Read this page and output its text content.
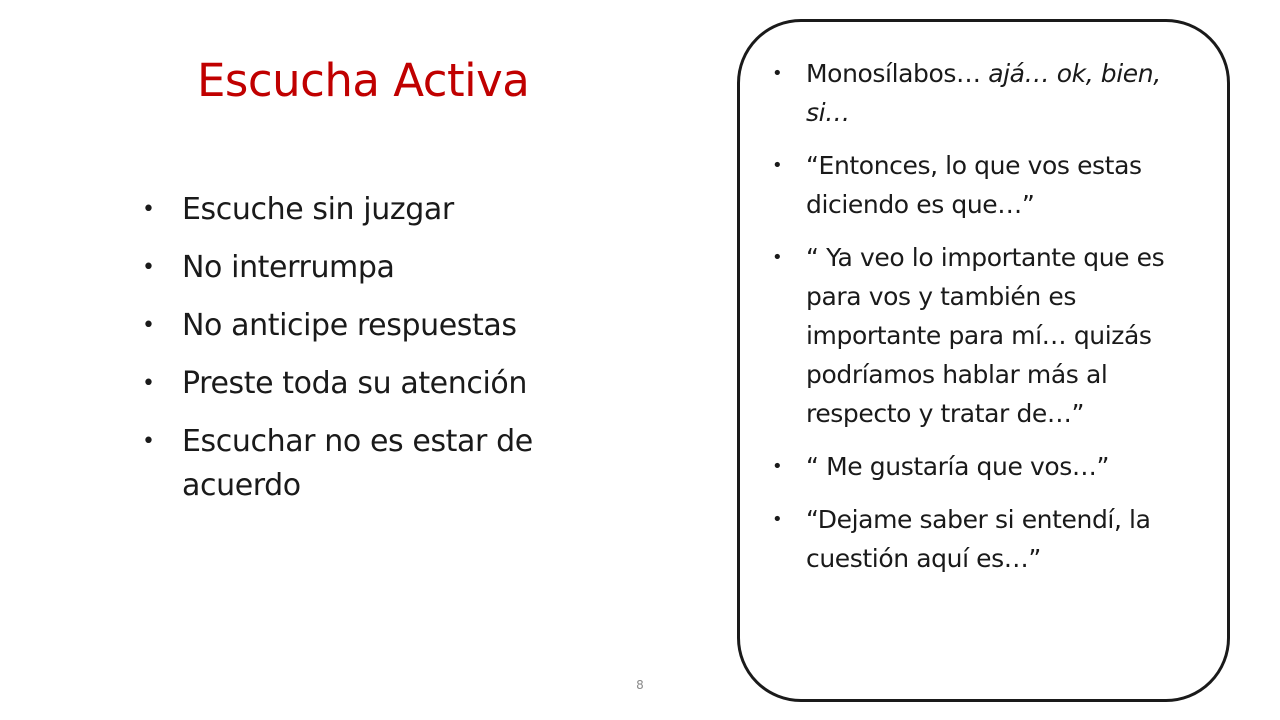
Escucha Activa
• Escuche sin juzgar
• No interrumpa
• No anticipe respuestas
• Preste toda su atención
• Escuchar no es estar de acuerdo
• Monosílabos… ajá… ok, bien, si…
• “Entonces, lo que vos estas diciendo es que…”
• “ Ya veo lo importante que es para vos y también es importante para mí… quizás podríamos hablar más al respecto y tratar de…”
• “ Me gustaría que vos…”
• “Dejame saber si entendí, la cuestión aquí es…”
8
